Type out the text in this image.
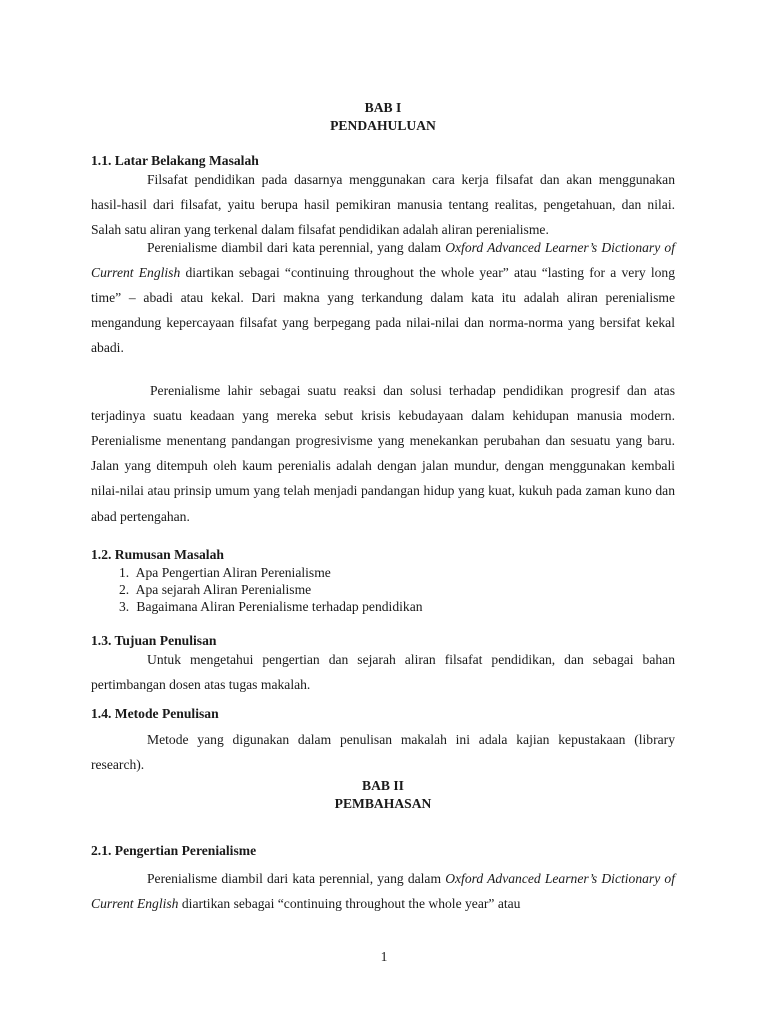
BAB I
PENDAHULUAN
1.1. Latar Belakang Masalah
Filsafat pendidikan pada dasarnya menggunakan cara kerja filsafat dan akan menggunakan hasil-hasil dari filsafat, yaitu berupa hasil pemikiran manusia tentang realitas, pengetahuan, dan nilai. Salah satu aliran yang terkenal dalam filsafat pendidikan adalah aliran perenialisme.
Perenialisme diambil dari kata perennial, yang dalam Oxford Advanced Learner’s Dictionary of Current English diartikan sebagai “continuing throughout the whole year” atau “lasting for a very long time” – abadi atau kekal. Dari makna yang terkandung dalam kata itu adalah aliran perenialisme mengandung kepercayaan filsafat yang berpegang pada nilai-nilai dan norma-norma yang bersifat kekal abadi.
Perenialisme lahir sebagai suatu reaksi dan solusi terhadap pendidikan progresif dan atas terjadinya suatu keadaan yang mereka sebut krisis kebudayaan dalam kehidupan manusia modern. Perenialisme menentang pandangan progresivisme yang menekankan perubahan dan sesuatu yang baru. Jalan yang ditempuh oleh kaum perenialis adalah dengan jalan mundur, dengan menggunakan kembali nilai-nilai atau prinsip umum yang telah menjadi pandangan hidup yang kuat, kukuh pada zaman kuno dan abad pertengahan.
1.2. Rumusan Masalah
1. Apa Pengertian Aliran Perenialisme
2. Apa sejarah Aliran Perenialisme
3. Bagaimana Aliran Perenialisme terhadap pendidikan
1.3. Tujuan Penulisan
Untuk mengetahui pengertian dan sejarah aliran filsafat pendidikan, dan sebagai bahan pertimbangan dosen atas tugas makalah.
1.4. Metode Penulisan
Metode yang digunakan dalam penulisan makalah ini adala kajian kepustakaan (library research).
BAB II
PEMBAHASAN
2.1. Pengertian Perenialisme
Perenialisme diambil dari kata perennial, yang dalam Oxford Advanced Learner’s Dictionary of Current English diartikan sebagai “continuing throughout the whole year” atau
1
